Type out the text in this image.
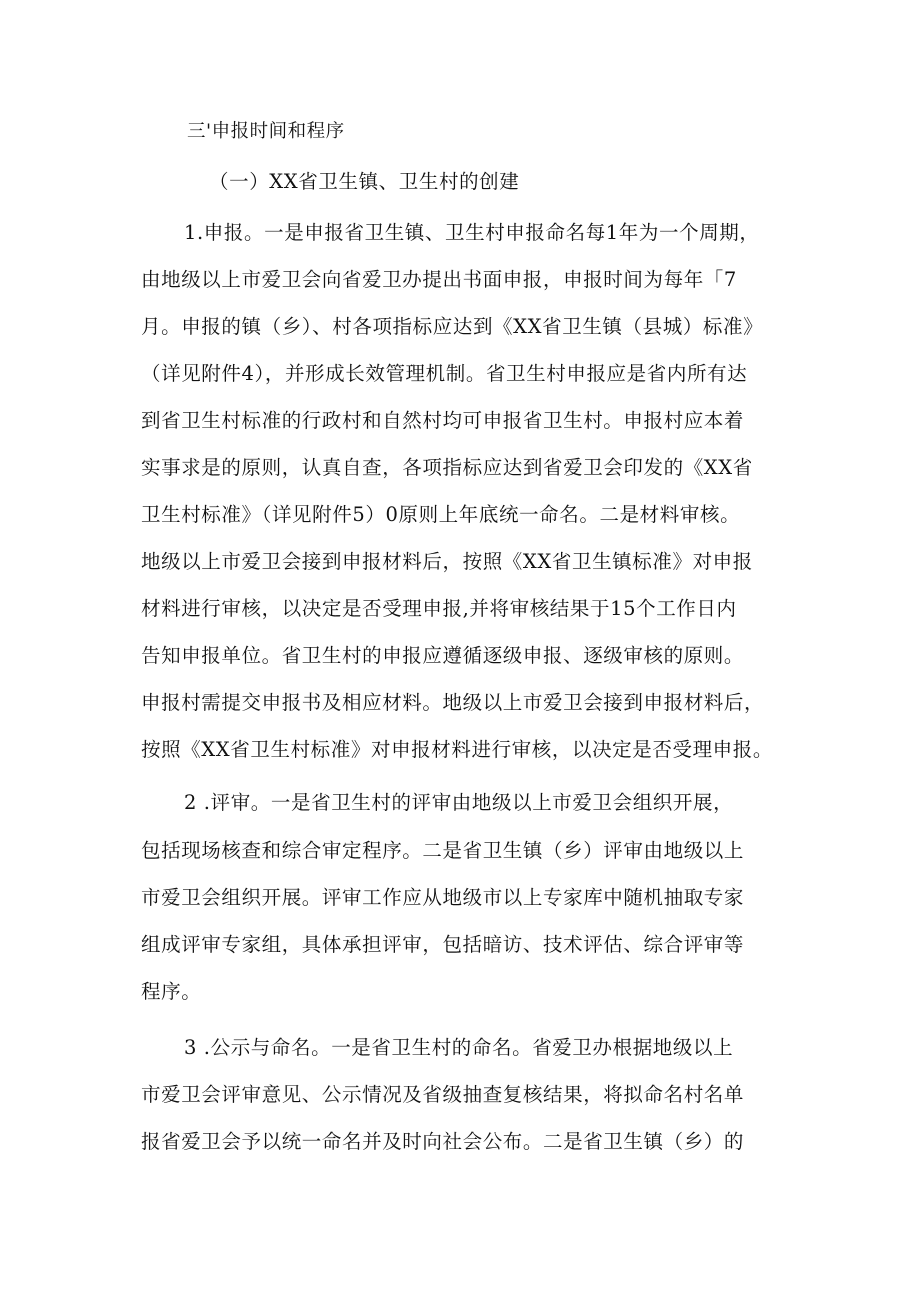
三'申报时间和程序
（一）XX省卫生镇、卫生村的创建
1.申报。一是申报省卫生镇、卫生村申报命名每1年为一个周期，
由地级以上市爱卫会向省爱卫办提出书面申报，申报时间为每年「7
月。申报的镇（乡）、村各项指标应达到《XX省卫生镇（县城）标准》
（详见附件4），并形成长效管理机制。省卫生村申报应是省内所有达
到省卫生村标准的行政村和自然村均可申报省卫生村。申报村应本着
实事求是的原则，认真自查，各项指标应达到省爱卫会印发的《XX省
卫生村标准》（详见附件5）0原则上年底统一命名。二是材料审核。
地级以上市爱卫会接到申报材料后，按照《XX省卫生镇标准》对申报
材料进行审核，以决定是否受理申报,并将审核结果于15个工作日内
告知申报单位。省卫生村的申报应遵循逐级申报、逐级审核的原则。
申报村需提交申报书及相应材料。地级以上市爱卫会接到申报材料后，
按照《XX省卫生村标准》对申报材料进行审核，以决定是否受理申报。
2 .评审。一是省卫生村的评审由地级以上市爱卫会组织开展，
包括现场核查和综合审定程序。二是省卫生镇（乡）评审由地级以上
市爱卫会组织开展。评审工作应从地级市以上专家库中随机抽取专家
组成评审专家组，具体承担评审，包括暗访、技术评估、综合评审等
程序。
3 .公示与命名。一是省卫生村的命名。省爱卫办根据地级以上
市爱卫会评审意见、公示情况及省级抽查复核结果，将拟命名村名单
报省爱卫会予以统一命名并及时向社会公布。二是省卫生镇（乡）的
